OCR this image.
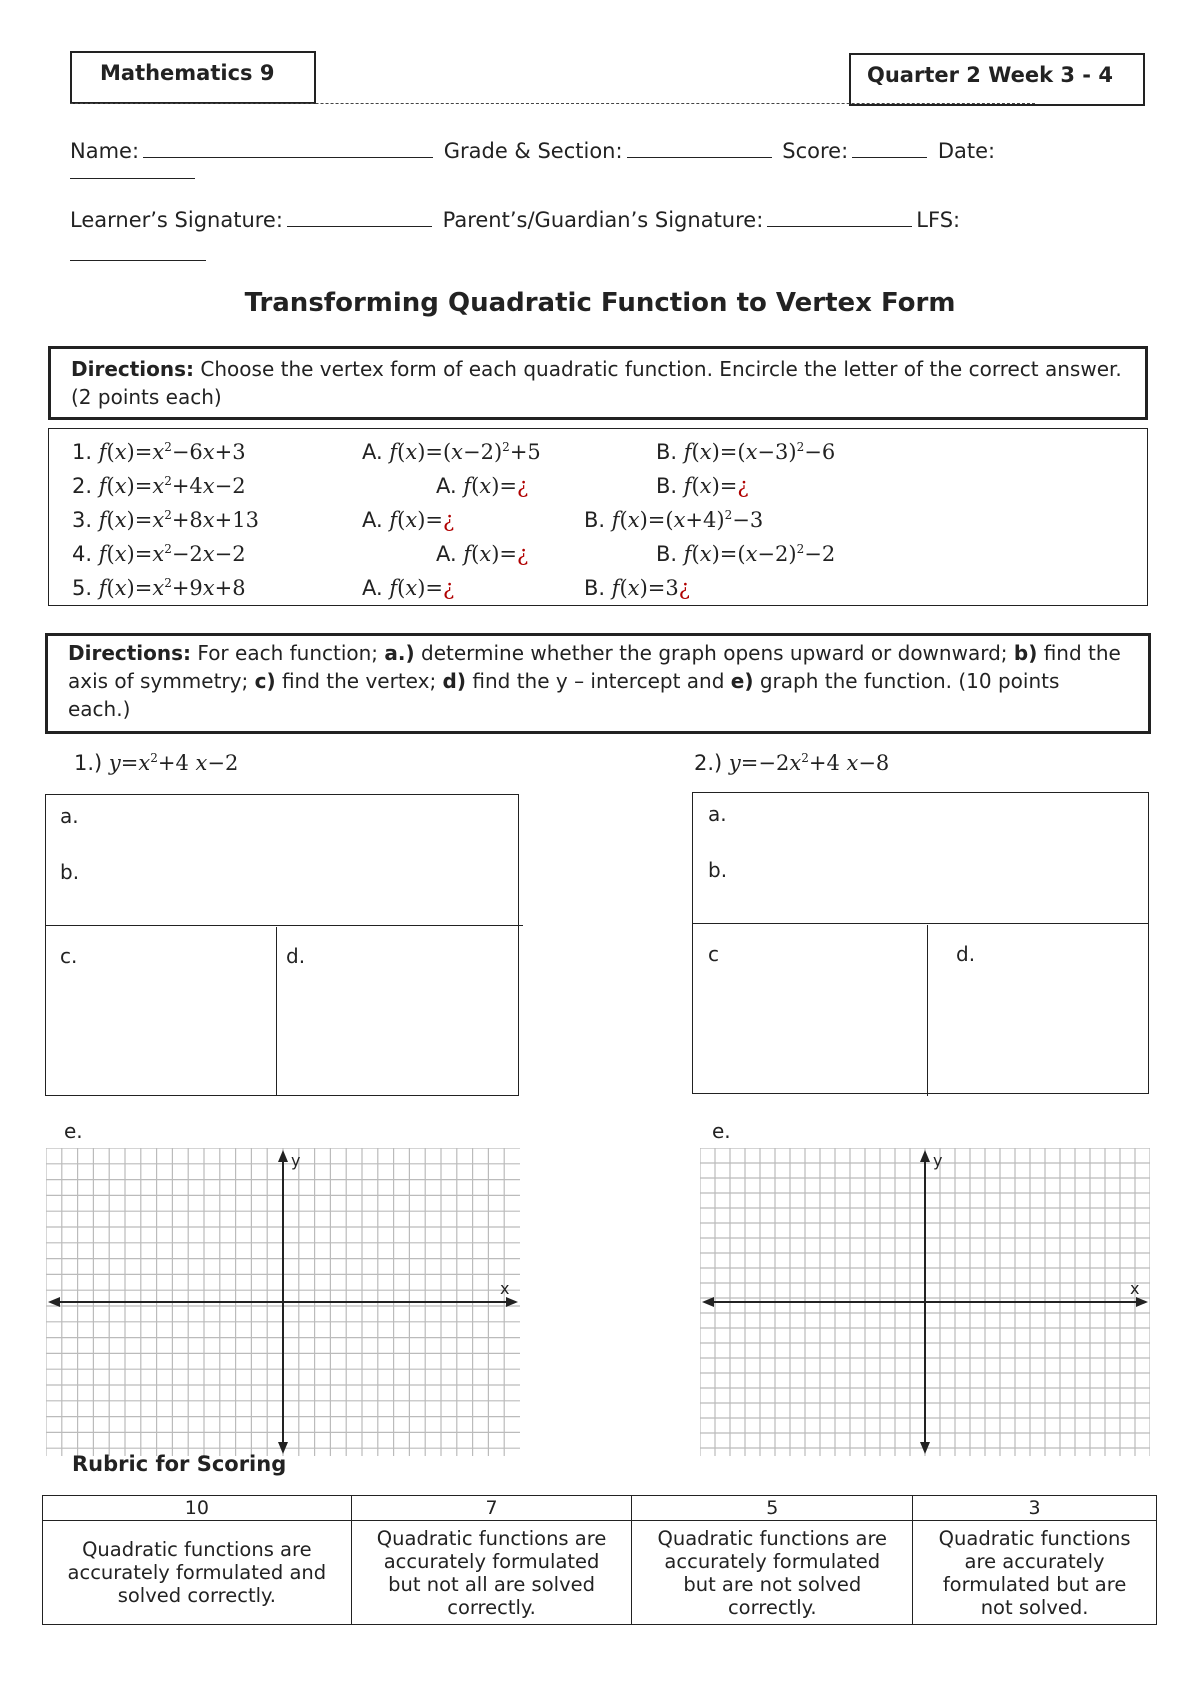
Mathematics 9	Quarter 2 Week 3 - 4
Name:	Grade & Section:	Score:	Date:
Learner’s Signature:	Parent’s/Guardian’s Signature:	LFS:
Transforming Quadratic Function to Vertex Form
Directions: Choose the vertex form of each quadratic function. Encircle the letter of the correct answer. (2 points each)
1. $f(x)=x^2-6x+3$	A. $f(x)=(x-2)^2+5$	B. $f(x)=(x-3)^2-6$
2. $f(x)=x^2+4x-2$	A. f(x)=¿	B. f(x)=¿
3. $f(x)=x^2+8x+13$	A. f(x)=¿	B. $f(x)=(x+4)^2-3$
4. $f(x)=x^2-2x-2$	A. f(x)=¿	B. $f(x)=(x-2)^2-2$
5. $f(x)=x^2+9x+8$	A. f(x)=¿	B. f(x)=3¿
Directions: For each function; a.) determine whether the graph opens upward or downward; b) find the axis of symmetry; c) find the vertex; d) find the y – intercept and e) graph the function. (10 points each.)
1.) $y=x^2+4$ x−2	2.) $y=-2x^2+4$ x−8
a.
b.
c.	d.
a.
b.
c	d.
e.	e.
x
y
x
y
Rubric for Scoring
10	7	5	3
Quadratic functions are accurately formulated and solved correctly.	Quadratic functions are accurately formulated but not all are solved correctly.	Quadratic functions are accurately formulated but are not solved correctly.	Quadratic functions are accurately formulated but are not solved.
